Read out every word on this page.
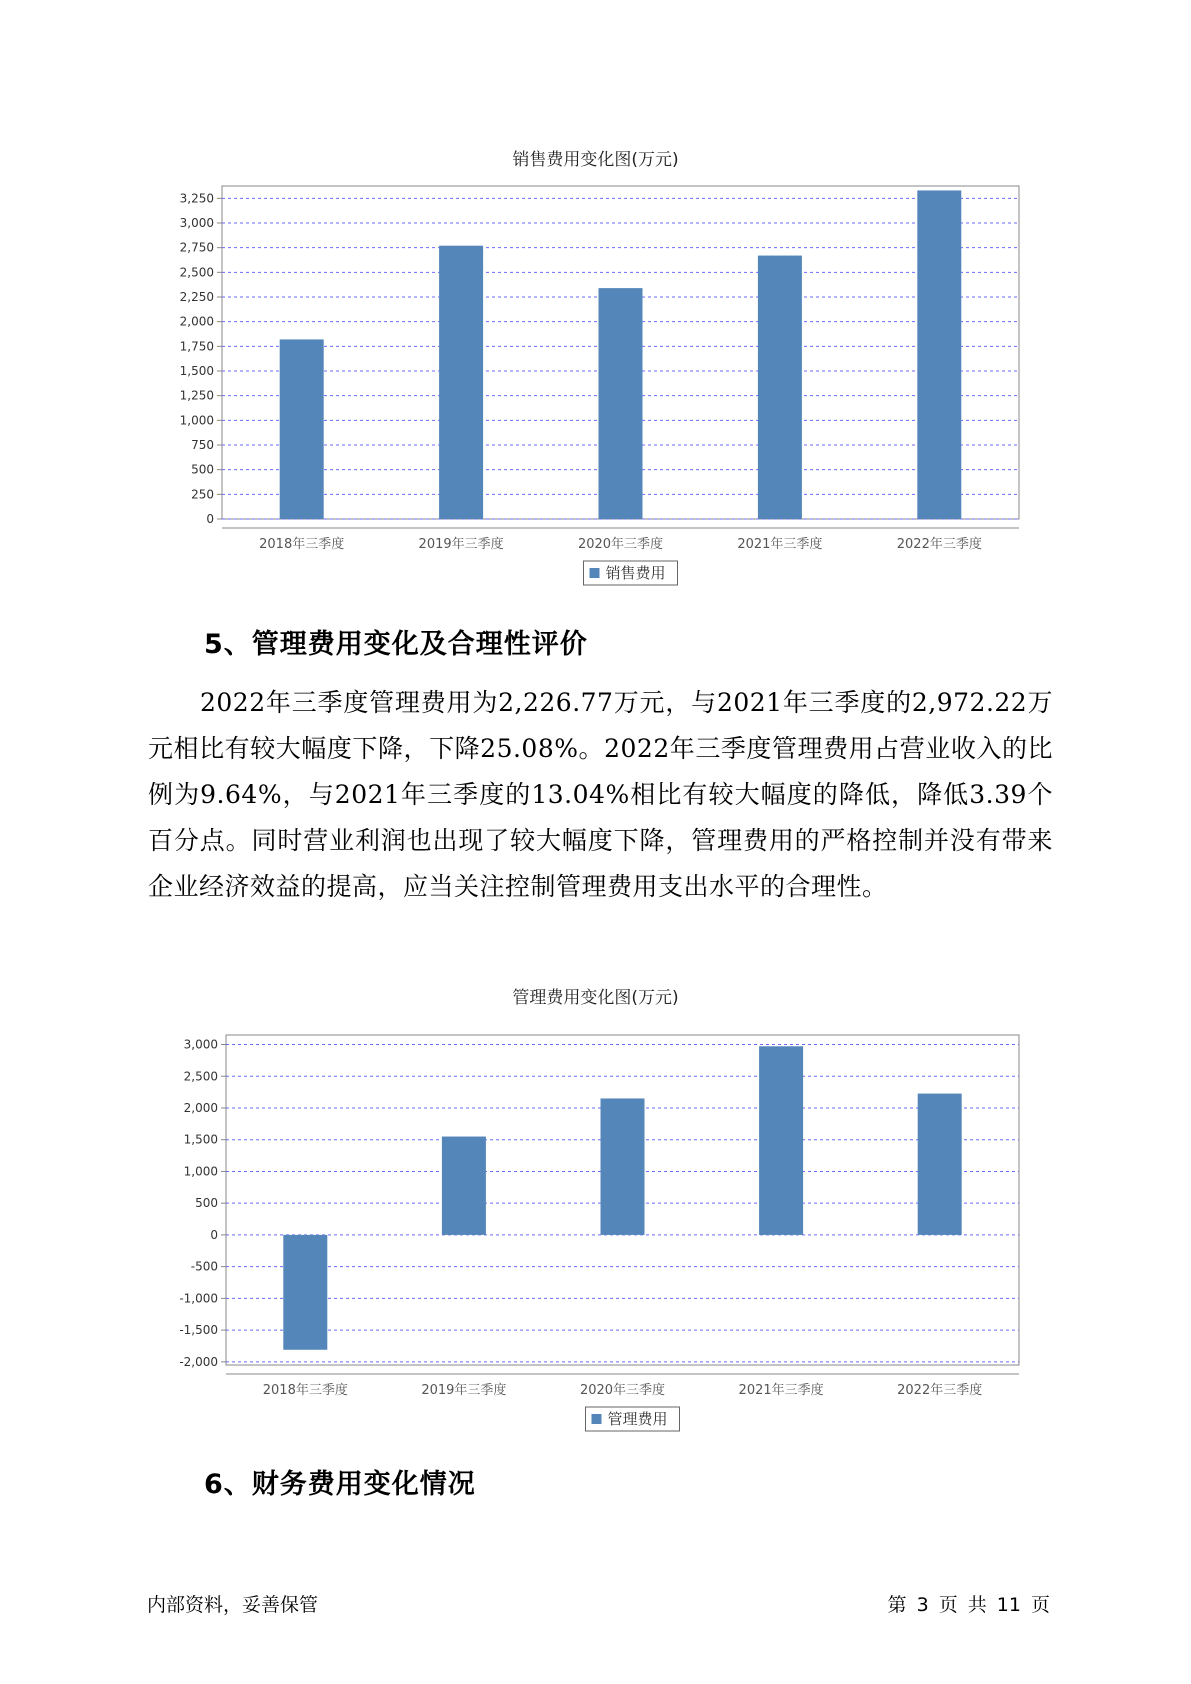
销售费用变化图(万元)
0
250
500
750
1,000
1,250
1,500
1,750
2,000
2,250
2,500
2,750
3,000
3,250
2018年三季度	2019年三季度	2020年三季度	2021年三季度	2022年三季度
销售费用
5、管理费用变化及合理性评价
2022年三季度管理费用为2,226.77万元，与2021年三季度的2,972.22万元相比有较大幅度下降，下降25.08%。2022年三季度管理费用占营业收入的比例为9.64%，与2021年三季度的13.04%相比有较大幅度的降低，降低3.39个百分点。同时营业利润也出现了较大幅度下降，管理费用的严格控制并没有带来企业经济效益的提高，应当关注控制管理费用支出水平的合理性。
管理费用变化图(万元)
-2,000
-1,500
-1,000
-500
0
500
1,000
1,500
2,000
2,500
3,000
2018年三季度	2019年三季度	2020年三季度	2021年三季度	2022年三季度
管理费用
6、财务费用变化情况
内部资料，妥善保管	第 3 页 共 11 页
